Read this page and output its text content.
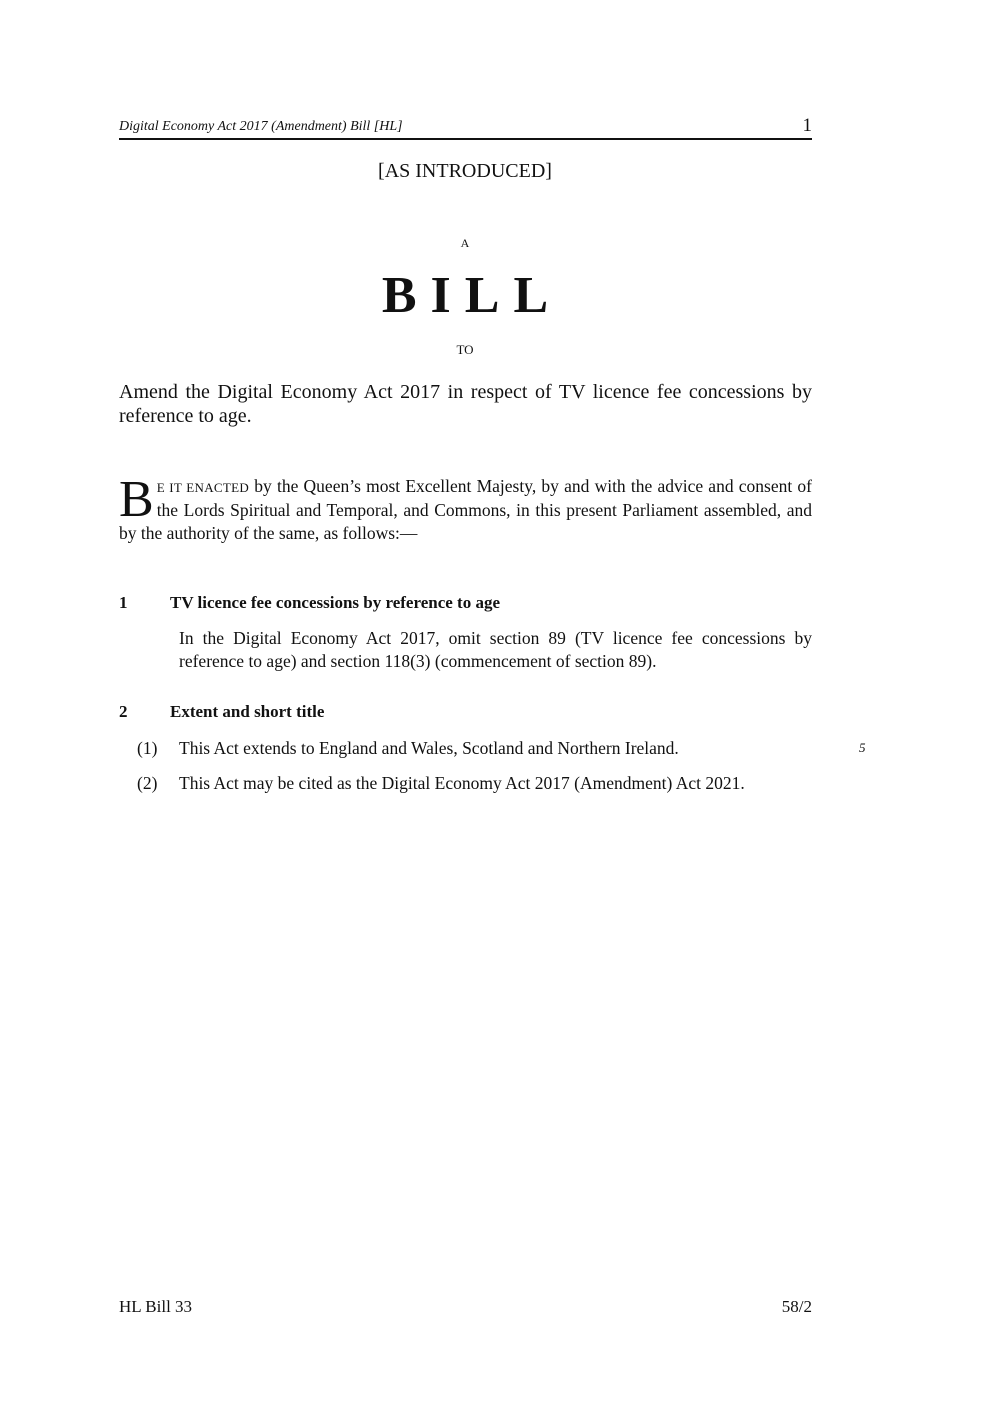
Digital Economy Act 2017 (Amendment) Bill [HL]	1
[AS INTRODUCED]
A
BILL
TO
Amend the Digital Economy Act 2017 in respect of TV licence fee concessions by reference to age.
B E IT ENACTED by the Queen’s most Excellent Majesty, by and with the advice and consent of the Lords Spiritual and Temporal, and Commons, in this present Parliament assembled, and by the authority of the same, as follows:—
1	TV licence fee concessions by reference to age
In the Digital Economy Act 2017, omit section 89 (TV licence fee concessions by reference to age) and section 118(3) (commencement of section 89).
2	Extent and short title
(1) This Act extends to England and Wales, Scotland and Northern Ireland.	5
(2) This Act may be cited as the Digital Economy Act 2017 (Amendment) Act 2021.
HL Bill 33	58/2
